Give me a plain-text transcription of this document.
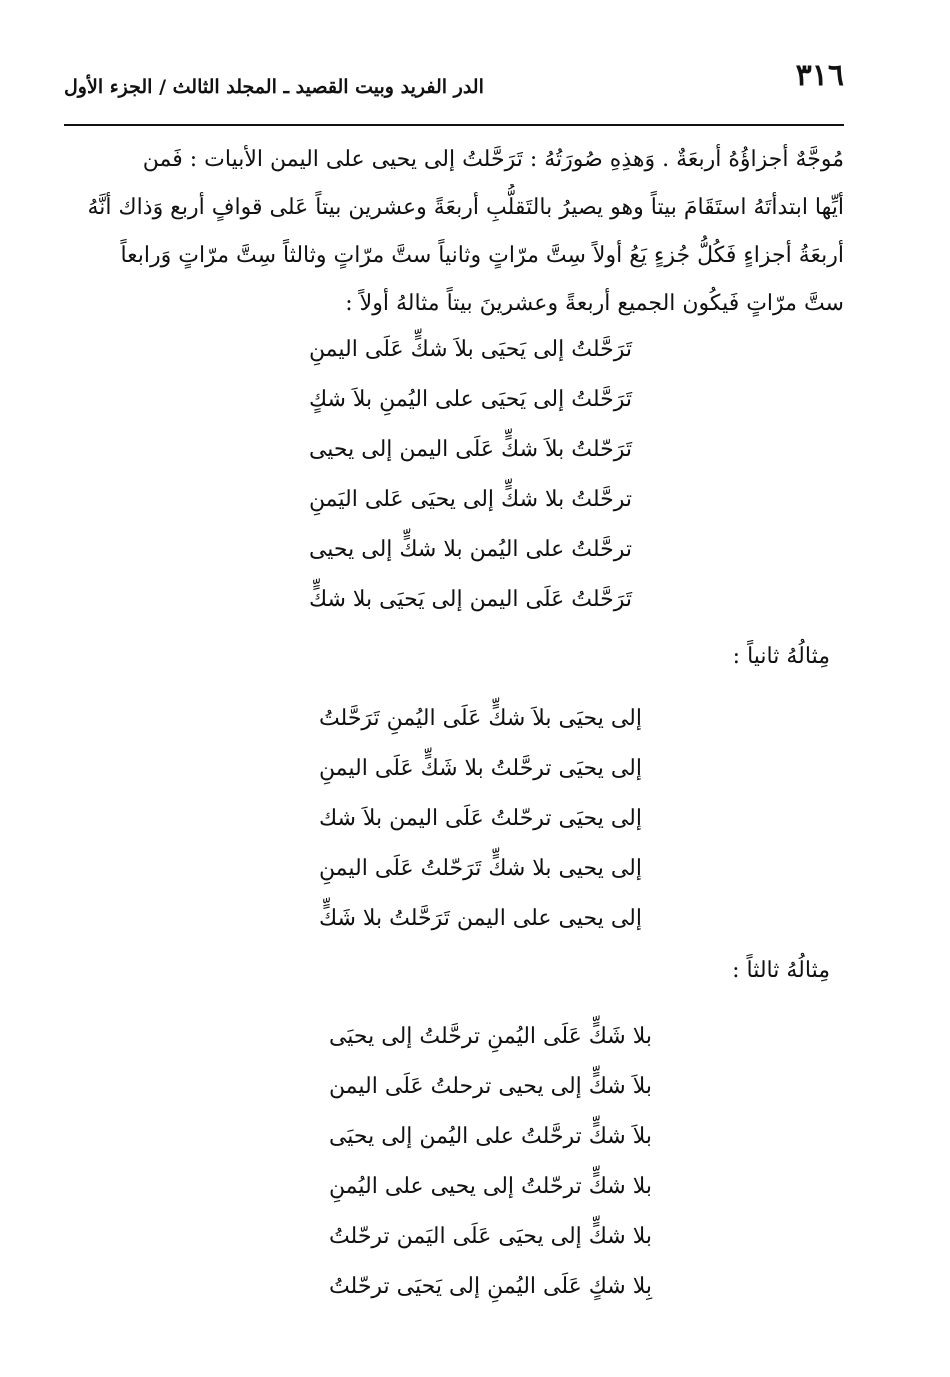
٣١٦
الدر الفريد وبيت القصيد ـ المجلد الثالث / الجزء الأول
مُوجَّهٌ أجزاؤُهُ أربعَةٌ . وَهذِهِ صُورَتُهُ : تَرَحَّلتُ إلى يحيى على اليمن الأبيات : فَمن
أيِّها ابتدأتَهُ استَقَامَ بيتاً وهو يصيرُ بالتَقلُّبِ أربعَةً وعشرين بيتاً عَلى قوافٍ أربع وَذاك أنَّهُ
أربعَةُ أجزاءٍ فَكُلُّ جُزءٍ يَعُ أولاً سِتَّ مرّاتٍ وثانياً ستَّ مرّاتٍ وثالثاً سِتَّ مرّاتٍ وَرابعاً
ستَّ مرّاتٍ فَيكُون الجميع أربعةً وعشرينَ بيتاً مثالهُ أولاً :
تَرَحَّلتُ إلى يَحيَى بلاَ شكٍّ عَلَى اليمنِ
تَرَحَّلتُ إلى يَحيَى على اليُمنِ بلاَ شكٍ
تَرَحّلتُ بلاَ شكٍّ عَلَى اليمن إلى يحيى
ترحَّلتُ بلا شكٍّ إلى يحيَى عَلى اليَمنِ
ترحَّلتُ على اليُمن بلا شكٍّ إلى يحيى
تَرَحَّلتُ عَلَى اليمن إلى يَحيَى بلا شكٍّ
مِثالُهُ ثانياً :
إلى يحيَى بلاَ شكٍّ عَلَى اليُمنِ تَرَحَّلتُ
إلى يحيَى ترحَّلتُ بلا شَكٍّ عَلَى اليمنِ
إلى يحيَى ترحّلتُ عَلَى اليمن بلاَ شك
إلى يحيى بلا شكٍّ تَرَحّلتُ عَلَى اليمنِ
إلى يحيى على اليمن تَرَحَّلتُ بلا شَكٍّ
مِثالُهُ ثالثاً :
بلا شَكٍّ عَلَى اليُمنِ ترحَّلتُ إلى يحيَى
بلاَ شكٍّ إلى يحيى ترحلتُ عَلَى اليمن
بلاَ شكٍّ ترحَّلتُ على اليُمن إلى يحيَى
بلا شكٍّ ترحّلتُ إلى يحيى على اليُمنِ
بلا شكٍّ إلى يحيَى عَلَى اليَمن ترحّلتُ
بِلا شكٍ عَلَى اليُمنِ إلى يَحيَى ترحّلتُ
